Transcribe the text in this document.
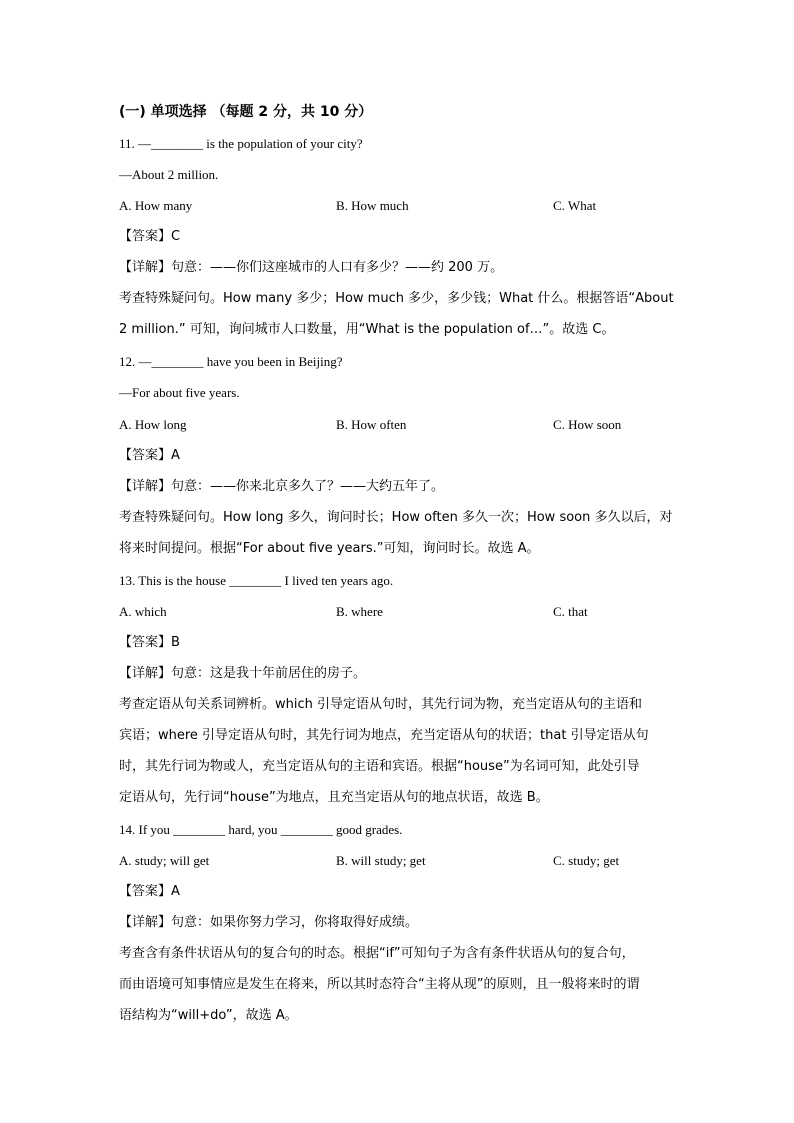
(一) 单项选择 （每题 2 分，共 10 分）
11. —________ is the population of your city?
—About 2 million.
A. How many	B. How much	C. What
【答案】C
【详解】句意：——你们这座城市的人口有多少？——约 200 万。
考查特殊疑问句。How many 多少；How much 多少，多少钱；What 什么。根据答语“About
2 million.” 可知，询问城市人口数量，用“What is the population of…”。故选 C。
12. —________ have you been in Beijing?
—For about five years.
A. How long	B. How often	C. How soon
【答案】A
【详解】句意：——你来北京多久了？——大约五年了。
考查特殊疑问句。How long 多久，询问时长；How often 多久一次；How soon 多久以后，对
将来时间提问。根据“For about five years.”可知，询问时长。故选 A。
13. This is the house ________ I lived ten years ago.
A. which	B. where	C. that
【答案】B
【详解】句意：这是我十年前居住的房子。
考查定语从句关系词辨析。which 引导定语从句时，其先行词为物，充当定语从句的主语和
宾语；where 引导定语从句时，其先行词为地点，充当定语从句的状语；that 引导定语从句
时，其先行词为物或人，充当定语从句的主语和宾语。根据“house”为名词可知，此处引导
定语从句，先行词“house”为地点，且充当定语从句的地点状语，故选 B。
14. If you ________ hard, you ________ good grades.
A. study; will get	B. will study; get	C. study; get
【答案】A
【详解】句意：如果你努力学习，你将取得好成绩。
考查含有条件状语从句的复合句的时态。根据“if”可知句子为含有条件状语从句的复合句，
而由语境可知事情应是发生在将来，所以其时态符合“主将从现”的原则，且一般将来时的谓
语结构为“will+do”，故选 A。
